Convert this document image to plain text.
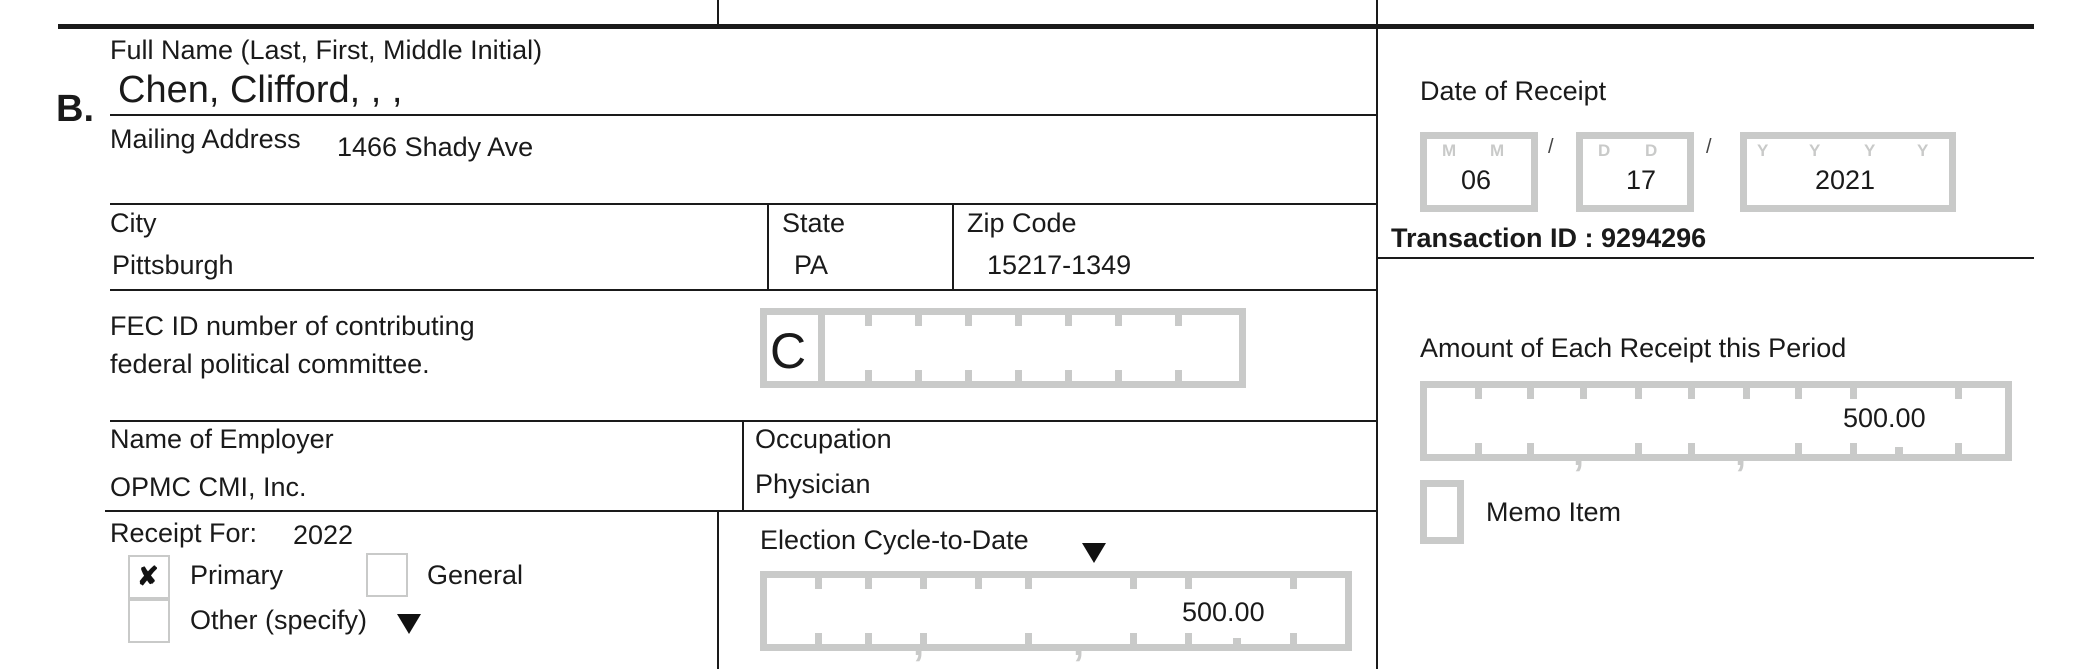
B.
Full Name (Last, First, Middle Initial)
Chen, Clifford, , ,
Mailing Address 1466 Shady Ave
City
Pittsburgh
State
PA
Zip Code
15217-1349
FEC ID number of contributing
federal political committee.	C
Name of Employer
OPMC CMI, Inc.
Occupation
Physician
Receipt For: 2022
✘ Primary	General
Other (specify)
Election Cycle-to-Date
,	,
500.00
Date of Receipt
M M
06
/	D D
17
/	Y Y	Y Y
2021
Transaction ID : 9294296
Amount of Each Receipt this Period
,	,
500.00
Memo Item
